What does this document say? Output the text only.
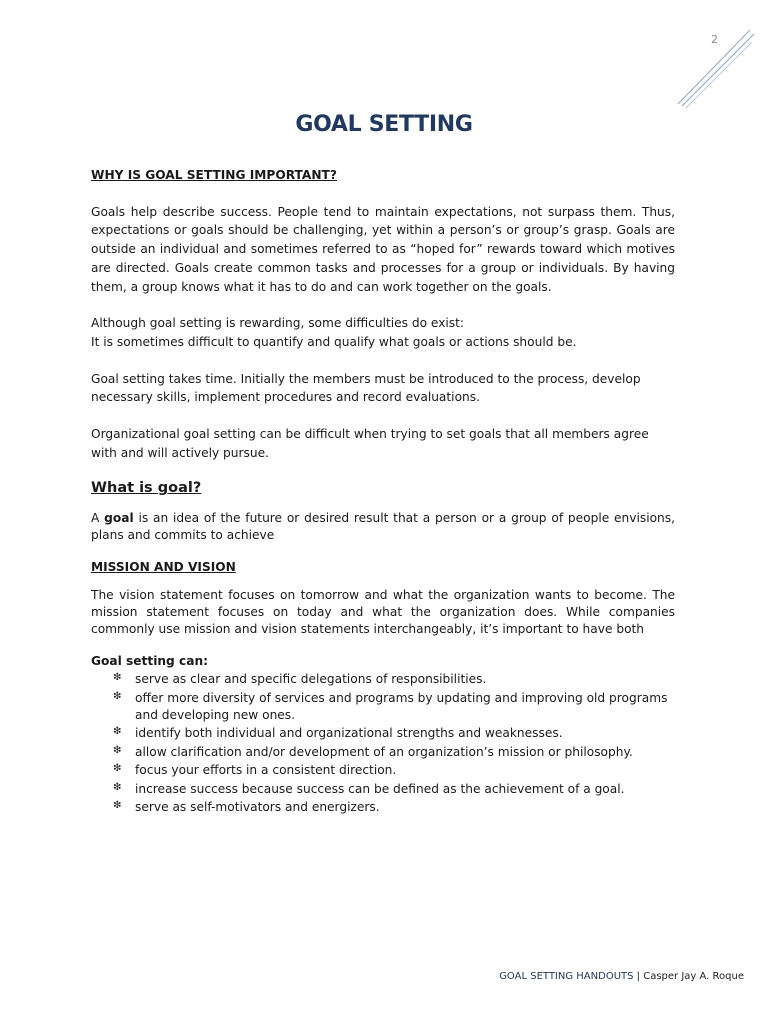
2
GOAL SETTING

WHY IS GOAL SETTING IMPORTANT?

Goals help describe success. People tend to maintain expectations, not surpass them. Thus, expectations or goals should be challenging, yet within a person’s or group’s grasp. Goals are outside an individual and sometimes referred to as “hoped for” rewards toward which motives are directed. Goals create common tasks and processes for a group or individuals. By having them, a group knows what it has to do and can work together on the goals.

Although goal setting is rewarding, some difficulties do exist:

It is sometimes difficult to quantify and qualify what goals or actions should be.

Goal setting takes time. Initially the members must be introduced to the process, develop necessary skills, implement procedures and record evaluations.

Organizational goal setting can be difficult when trying to set goals that all members agree with and will actively pursue.

What is goal?

A goal is an idea of the future or desired result that a person or a group of people envisions, plans and commits to achieve

MISSION AND VISION

The vision statement focuses on tomorrow and what the organization wants to become. The mission statement focuses on today and what the organization does. While companies commonly use mission and vision statements interchangeably, it’s important to have both

Goal setting can:

❇ serve as clear and specific delegations of responsibilities.
❇ offer more diversity of services and programs by updating and improving old programs and developing new ones.
❇ identify both individual and organizational strengths and weaknesses.
❇ allow clarification and/or development of an organization’s mission or philosophy.
❇ focus your efforts in a consistent direction.
❇ increase success because success can be defined as the achievement of a goal.
❇ serve as self-motivators and energizers.
GOAL SETTING HANDOUTS | Casper Jay A. Roque
